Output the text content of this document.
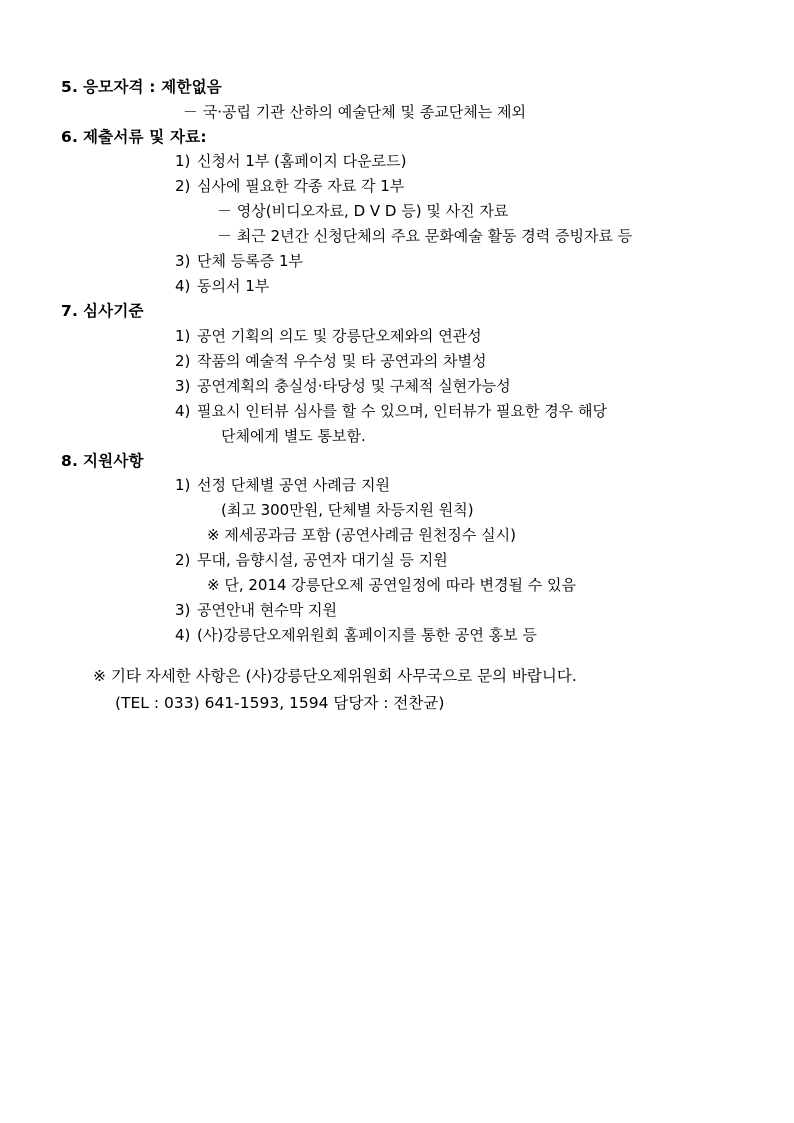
5. 응모자격 : 제한없음
－ 국·공립 기관 산하의 예술단체 및 종교단체는 제외
6. 제출서류 및 자료:
1) 신청서 1부 (홈페이지 다운로드)
2) 심사에 필요한 각종 자료 각 1부
－ 영상(비디오자료, D V D 등) 및 사진 자료
－ 최근 2년간 신청단체의 주요 문화예술 활동 경력 증빙자료 등
3) 단체 등록증 1부
4) 동의서 1부
7. 심사기준
1) 공연 기획의 의도 및 강릉단오제와의 연관성
2) 작품의 예술적 우수성 및 타 공연과의 차별성
3) 공연계획의 충실성·타당성 및 구체적 실현가능성
4) 필요시 인터뷰 심사를 할 수 있으며, 인터뷰가 필요한 경우 해당
단체에게 별도 통보함.
8. 지원사항
1) 선정 단체별 공연 사례금 지원
(최고 300만원, 단체별 차등지원 원칙)
※ 제세공과금 포함 (공연사례금 원천징수 실시)
2) 무대, 음향시설, 공연자 대기실 등 지원
※ 단, 2014 강릉단오제 공연일정에 따라 변경될 수 있음
3) 공연안내 현수막 지원
4) (사)강릉단오제위원회 홈페이지를 통한 공연 홍보 등
※ 기타 자세한 사항은 (사)강릉단오제위원회 사무국으로 문의 바랍니다.
(TEL : 033) 641-1593, 1594 담당자 : 전찬균)
